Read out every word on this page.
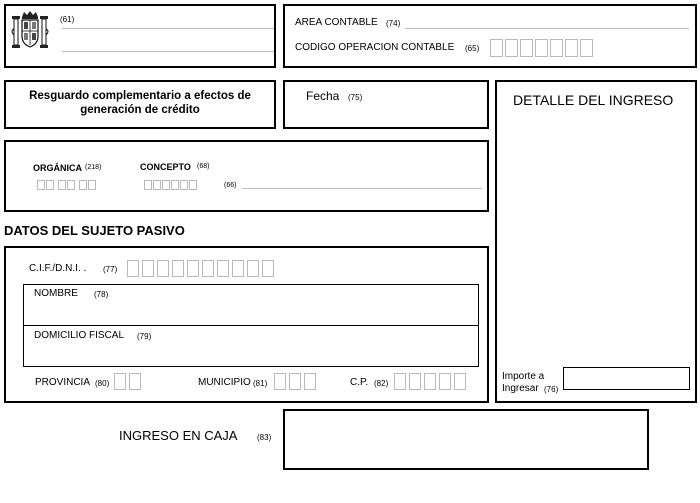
(61)	AREA CONTABLE (74)
CODIGO OPERACION CONTABLE (65)
Resguardo complementario a efectos de
generación de crédito
Fecha (75)	DETALLE DEL INGRESO
Importe a
Ingresar (76)
ORGÁNICA (218)	CONCEPTO (68)
(66)
DATOS DEL SUJETO PASIVO
C.I.F./D.N.I. . (77)
NOMBRE (78)
DOMICILIO FISCAL (79)
PROVINCIA (80)	MUNICIPIO (81)	C.P. (82)
INGRESO EN CAJA (83)
